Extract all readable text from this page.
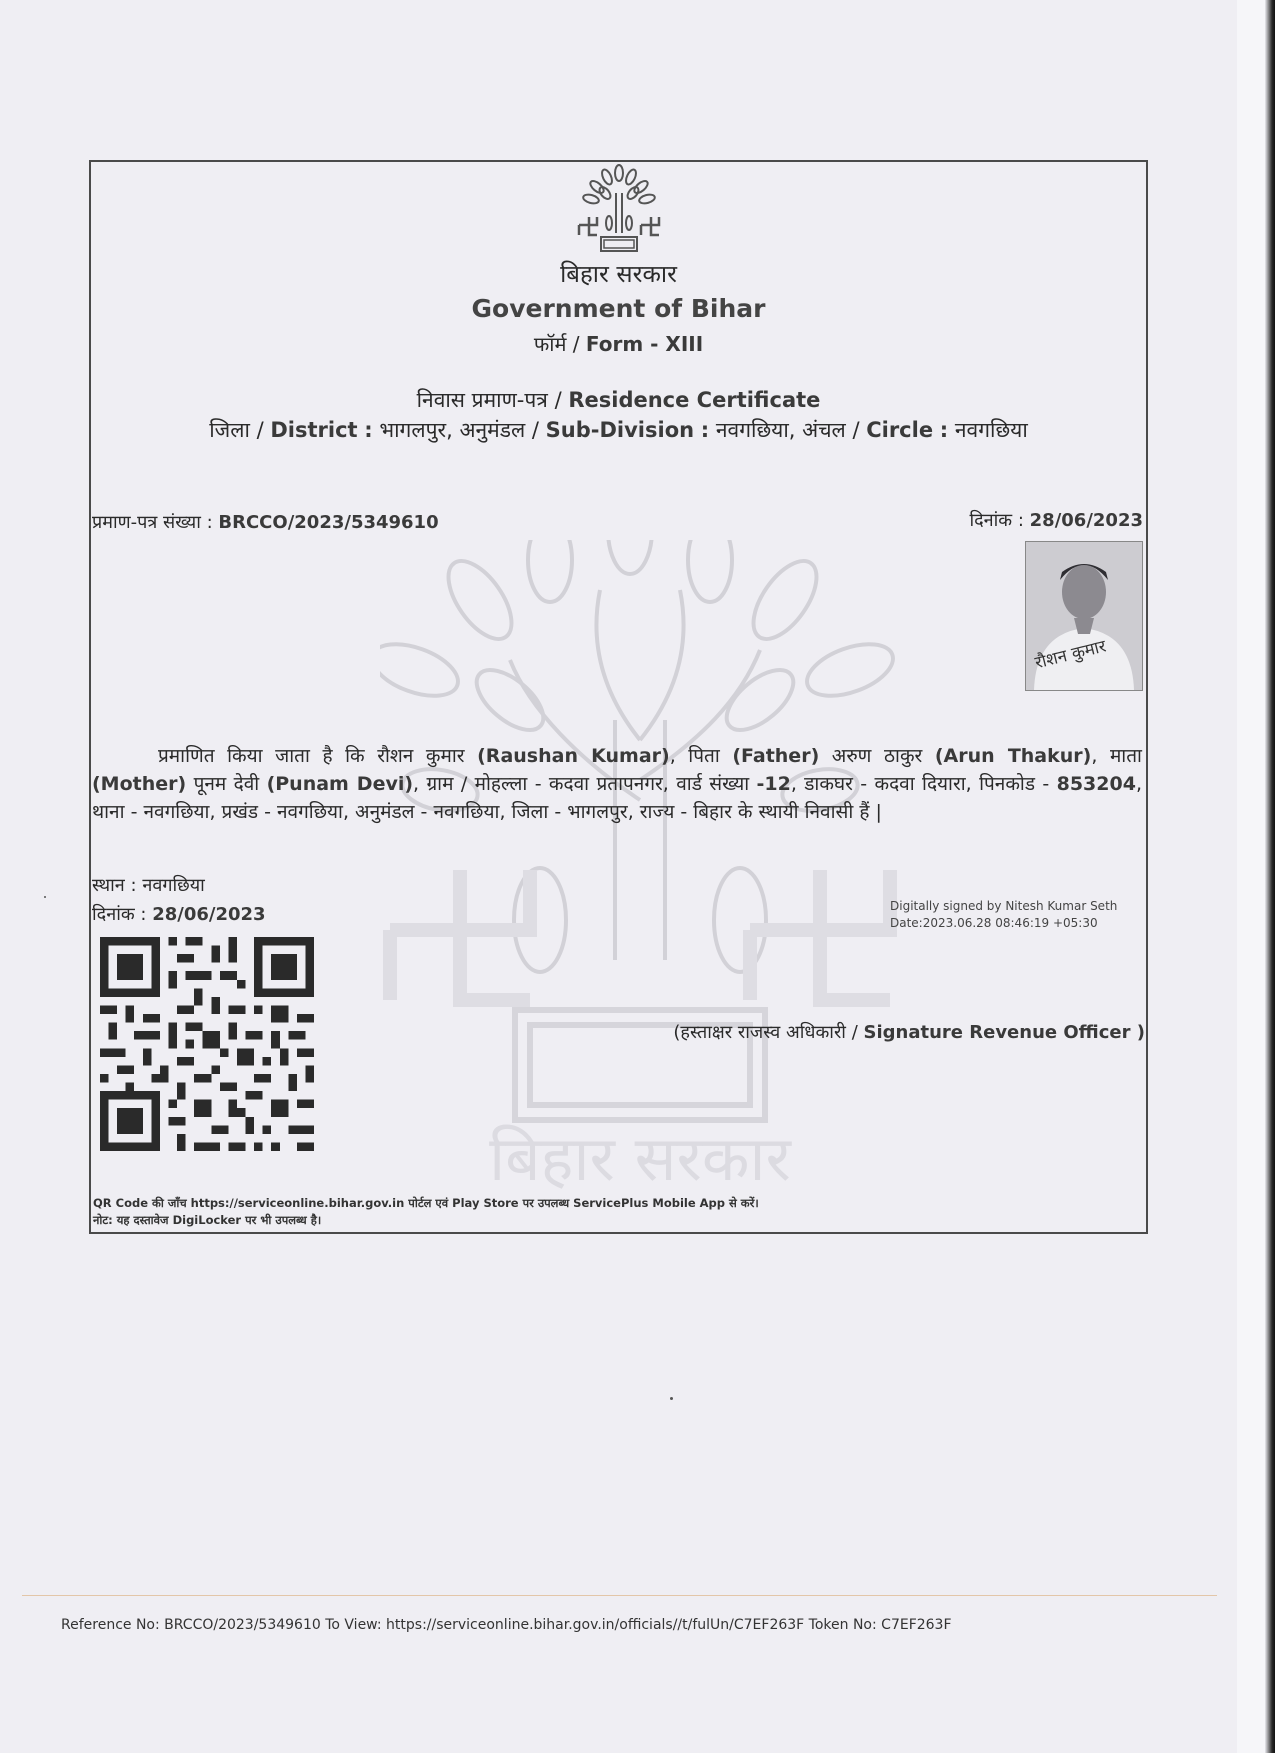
बिहार सरकार
बिहार सरकार
Government of Bihar
फॉर्म / Form - XIII
निवास प्रमाण-पत्र / Residence Certificate
जिला / District : भागलपुर, अनुमंडल / Sub-Division : नवगछिया, अंचल / Circle : नवगछिया
प्रमाण-पत्र संख्या : BRCCO/2023/5349610	दिनांक : 28/06/2023
रौशन कुमार
प्रमाणित किया जाता है कि रौशन कुमार (Raushan Kumar), पिता (Father) अरुण ठाकुर (Arun Thakur), माता (Mother) पूनम देवी (Punam Devi), ग्राम / मोहल्ला - कदवा प्रतापनगर, वार्ड संख्या -12, डाकघर - कदवा दियारा, पिनकोड - 853204, थाना - नवगछिया, प्रखंड - नवगछिया, अनुमंडल - नवगछिया, जिला - भागलपुर, राज्य - बिहार के स्थायी निवासी हैं |
स्थान : नवगछिया
दिनांक : 28/06/2023	Digitally signed by Nitesh Kumar Seth
Date:2023.06.28 08:46:19 +05:30
(हस्ताक्षर राजस्व अधिकारी / Signature Revenue Officer )
QR Code की जाँच https://serviceonline.bihar.gov.in पोर्टल एवं Play Store पर उपलब्ध ServicePlus Mobile App से करें।
नोट: यह दस्तावेज DigiLocker पर भी उपलब्ध है।
Reference No: BRCCO/2023/5349610 To View: https://serviceonline.bihar.gov.in/officials//t/fulUn/C7EF263F Token No: C7EF263F
